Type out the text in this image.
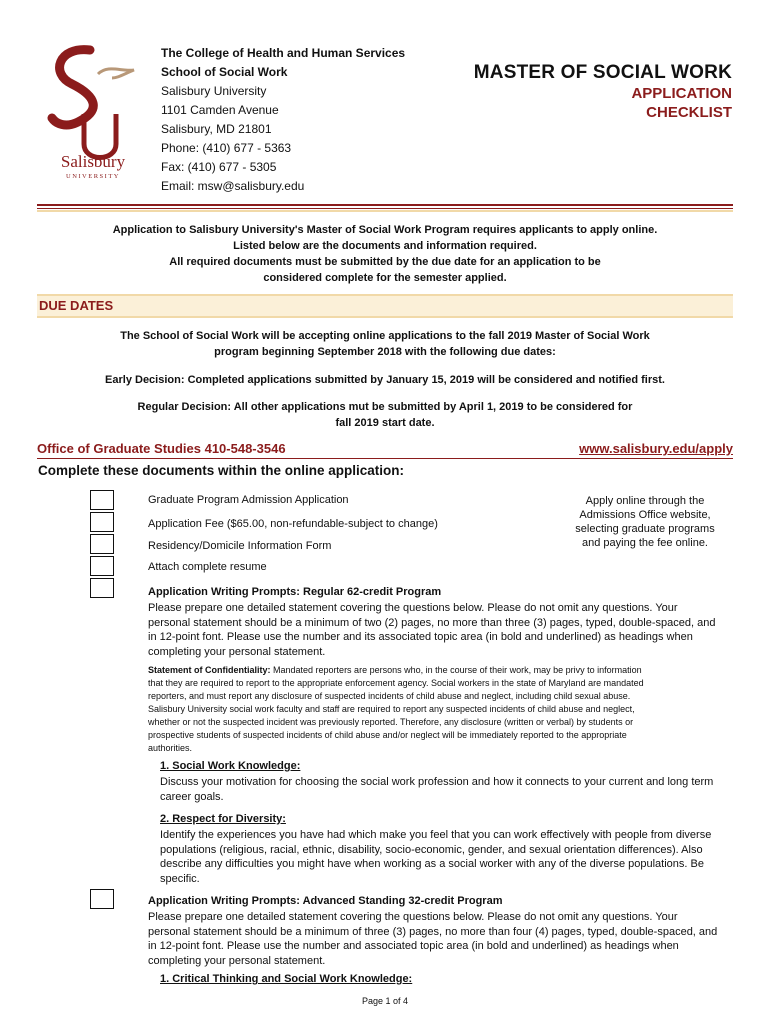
Salisbury
UNIVERSITY
The College of Health and Human Services
School of Social Work
Salisbury University
1101 Camden Avenue
Salisbury, MD 21801
Phone: (410) 677 - 5363
Fax: (410) 677 - 5305
Email: msw@salisbury.edu
MASTER OF SOCIAL WORK
APPLICATION
CHECKLIST
Application to Salisbury University's Master of Social Work Program requires applicants to apply online.
Listed below are the documents and information required.
All required documents must be submitted by the due date for an application to be
considered complete for the semester applied.
DUE DATES
The School of Social Work will be accepting online applications to the fall 2019 Master of Social Work
program beginning September 2018 with the following due dates:
Early Decision: Completed applications submitted by January 15, 2019 will be considered and notified first.
Regular Decision: All other applications mut be submitted by April 1, 2019 to be considered for
fall 2019 start date.
Office of Graduate Studies 410-548-3546	www.salisbury.edu/apply
Complete these documents within the online application:
Graduate Program Admission Application
Application Fee ($65.00, non-refundable-subject to change)
Residency/Domicile Information Form
Attach complete resume
Apply online through the
Admissions Office website,
selecting graduate programs
and paying the fee online.
Application Writing Prompts: Regular 62-credit Program
Please prepare one detailed statement covering the questions below. Please do not omit any questions. Your
personal statement should be a minimum of two (2) pages, no more than three (3) pages, typed, double-spaced, and
in 12-point font. Please use the number and its associated topic area (in bold and underlined) as headings when
completing your personal statement.
Statement of Confidentiality: Mandated reporters are persons who, in the course of their work, may be privy to information
that they are required to report to the appropriate enforcement agency. Social workers in the state of Maryland are mandated
reporters, and must report any disclosure of suspected incidents of child abuse and neglect, including child sexual abuse.
Salisbury University social work faculty and staff are required to report any suspected incidents of child abuse and neglect,
whether or not the suspected incident was previously reported. Therefore, any disclosure (written or verbal) by students or
prospective students of suspected incidents of child abuse and/or neglect will be immediately reported to the appropriate
authorities.
1. Social Work Knowledge:
Discuss your motivation for choosing the social work profession and how it connects to your current and long term
career goals.
2. Respect for Diversity:
Identify the experiences you have had which make you feel that you can work effectively with people from diverse
populations (religious, racial, ethnic, disability, socio-economic, gender, and sexual orientation differences). Also
describe any difficulties you might have when working as a social worker with any of the diverse populations. Be
specific.
Application Writing Prompts: Advanced Standing 32-credit Program
Please prepare one detailed statement covering the questions below. Please do not omit any questions. Your
personal statement should be a minimum of three (3) pages, no more than four (4) pages, typed, double-spaced, and
in 12-point font. Please use the number and associated topic area (in bold and underlined) as headings when
completing your personal statement.
1. Critical Thinking and Social Work Knowledge:
Page 1 of 4
